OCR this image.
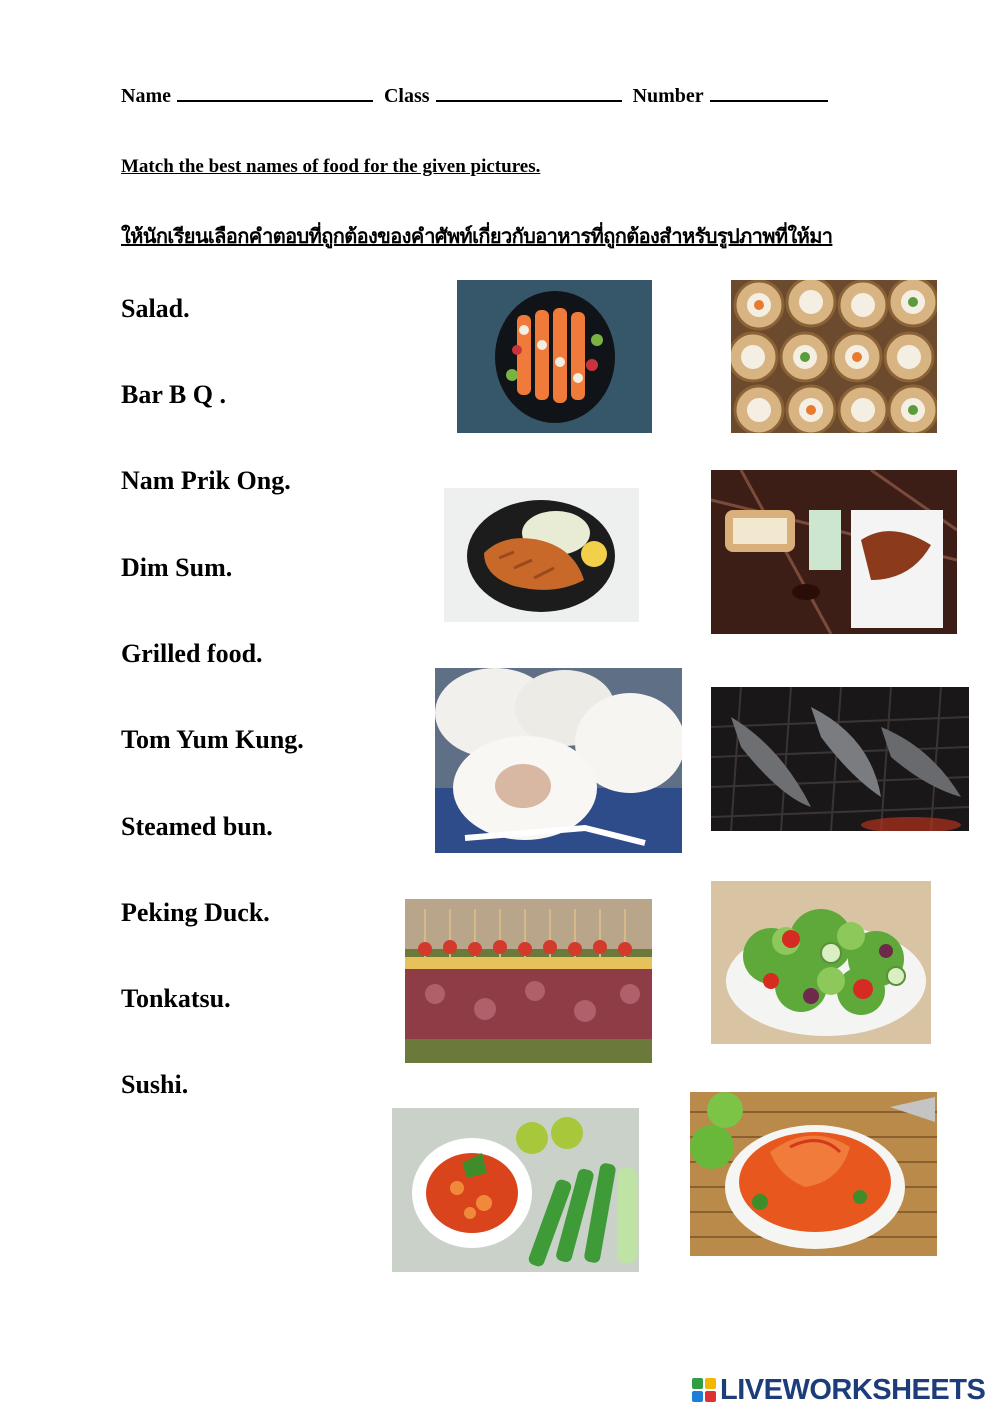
Name	Class	Number
Match the best names of food for the given pictures.
ให้นักเรียนเลือกคำตอบที่ถูกต้องของคำศัพท์เกี่ยวกับอาหารที่ถูกต้องสำหรับรูปภาพที่ให้มา
Salad.
Bar B Q .
Nam Prik Ong.
Dim Sum.
Grilled food.
Tom Yum Kung.
Steamed bun.
Peking Duck.
Tonkatsu.
Sushi.
LIVEWORKSHEETS
